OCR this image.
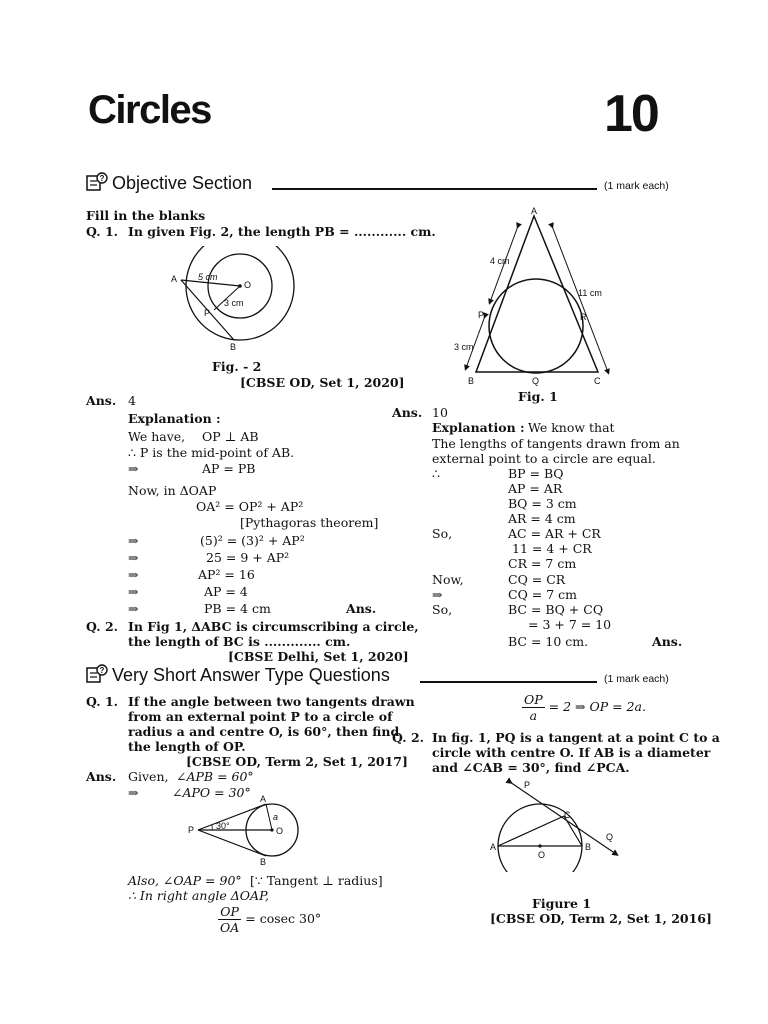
Circles	10
? Objective Section	(1 mark each)
Fill in the blanks
Q. 1. In given Fig. 2, the length PB = ............ cm.
A
O
P
B
5 cm
3 cm
Fig. - 2
[CBSE OD, Set 1, 2020]
Ans. 4
Explanation :
We have, OP ⊥ AB
∴ P is the mid-point of AB.
⇒	AP = PB
Now, in ΔOAP
OA² = OP² + AP²
[Pythagoras theorem]
⇒	(5)² = (3)² + AP²
⇒	25 = 9 + AP²
⇒	AP² = 16
⇒	AP = 4
⇒	PB = 4 cm	Ans.
Q. 2. In Fig 1, ΔABC is circumscribing a circle,
the length of BC is ............. cm.
[CBSE Delhi, Set 1, 2020]
A
4 cm
11 cm
P	R
3 cm
B	Q	C
Fig. 1
Ans. 10
Explanation : We know that
The lengths of tangents drawn from an
external point to a circle are equal.
∴	BP = BQ
AP = AR
BQ = 3 cm
AR = 4 cm
So,	AC = AR + CR
11 = 4 + CR
CR = 7 cm
Now,	CQ = CR
⇒	CQ = 7 cm
So,	BC = BQ + CQ
= 3 + 7 = 10
BC = 10 cm.	Ans.
? Very Short Answer Type Questions	(1 mark each)
Q. 1. If the angle between two tangents drawn
from an external point P to a circle of
radius a and centre O, is 60°, then find
the length of OP.
[CBSE OD, Term 2, Set 1, 2017]
Ans. Given, ∠APB = 60°
⇒	∠APO = 30° A
a
P 30°	O
B
Also, ∠OAP = 90° [∵ Tangent ⊥ radius]
∴ In right angle ΔOAP,
$\frac{OP}{OA} = cosec$ 30°
$\frac{OP}{a} = 2$ ⇒ OP = 2a.
Q. 2. In fig. 1, PQ is a tangent at a point C to a
circle with centre O. If AB is a diameter
and ∠CAB = 30°, find ∠PCA.
P
C
Q
A
O
B
Figure 1
[CBSE OD, Term 2, Set 1, 2016]
